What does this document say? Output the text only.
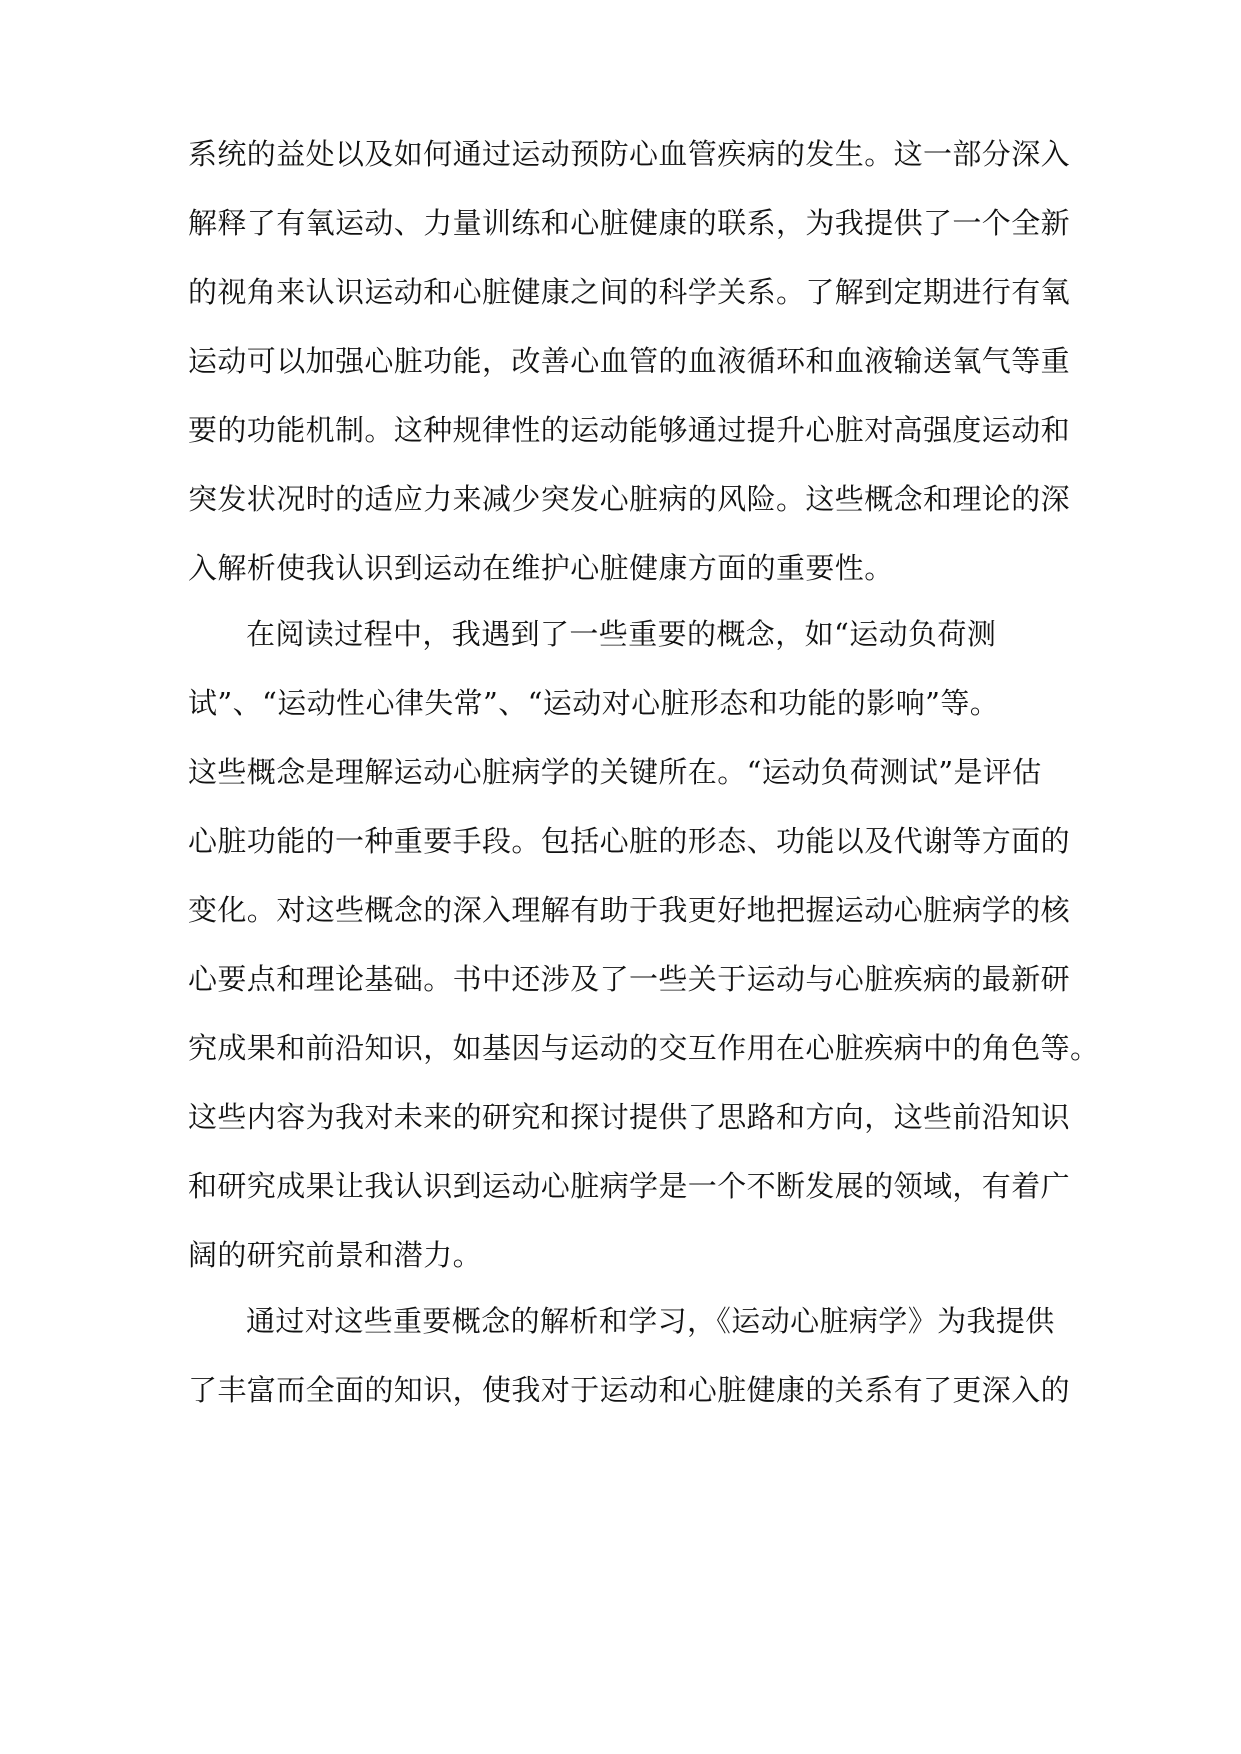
系统的益处以及如何通过运动预防心血管疾病的发生。这一部分深入
解释了有氧运动、力量训练和心脏健康的联系，为我提供了一个全新
的视角来认识运动和心脏健康之间的科学关系。了解到定期进行有氧
运动可以加强心脏功能，改善心血管的血液循环和血液输送氧气等重
要的功能机制。这种规律性的运动能够通过提升心脏对高强度运动和
突发状况时的适应力来减少突发心脏病的风险。这些概念和理论的深
入解析使我认识到运动在维护心脏健康方面的重要性。
在阅读过程中，我遇到了一些重要的概念，如“运动负荷测
试”、“运动性心律失常”、“运动对心脏形态和功能的影响”等。
这些概念是理解运动心脏病学的关键所在。“运动负荷测试”是评估
心脏功能的一种重要手段。包括心脏的形态、功能以及代谢等方面的
变化。对这些概念的深入理解有助于我更好地把握运动心脏病学的核
心要点和理论基础。书中还涉及了一些关于运动与心脏疾病的最新研
究成果和前沿知识，如基因与运动的交互作用在心脏疾病中的角色等。
这些内容为我对未来的研究和探讨提供了思路和方向，这些前沿知识
和研究成果让我认识到运动心脏病学是一个不断发展的领域，有着广
阔的研究前景和潜力。
通过对这些重要概念的解析和学习，《运动心脏病学》为我提供
了丰富而全面的知识，使我对于运动和心脏健康的关系有了更深入的
